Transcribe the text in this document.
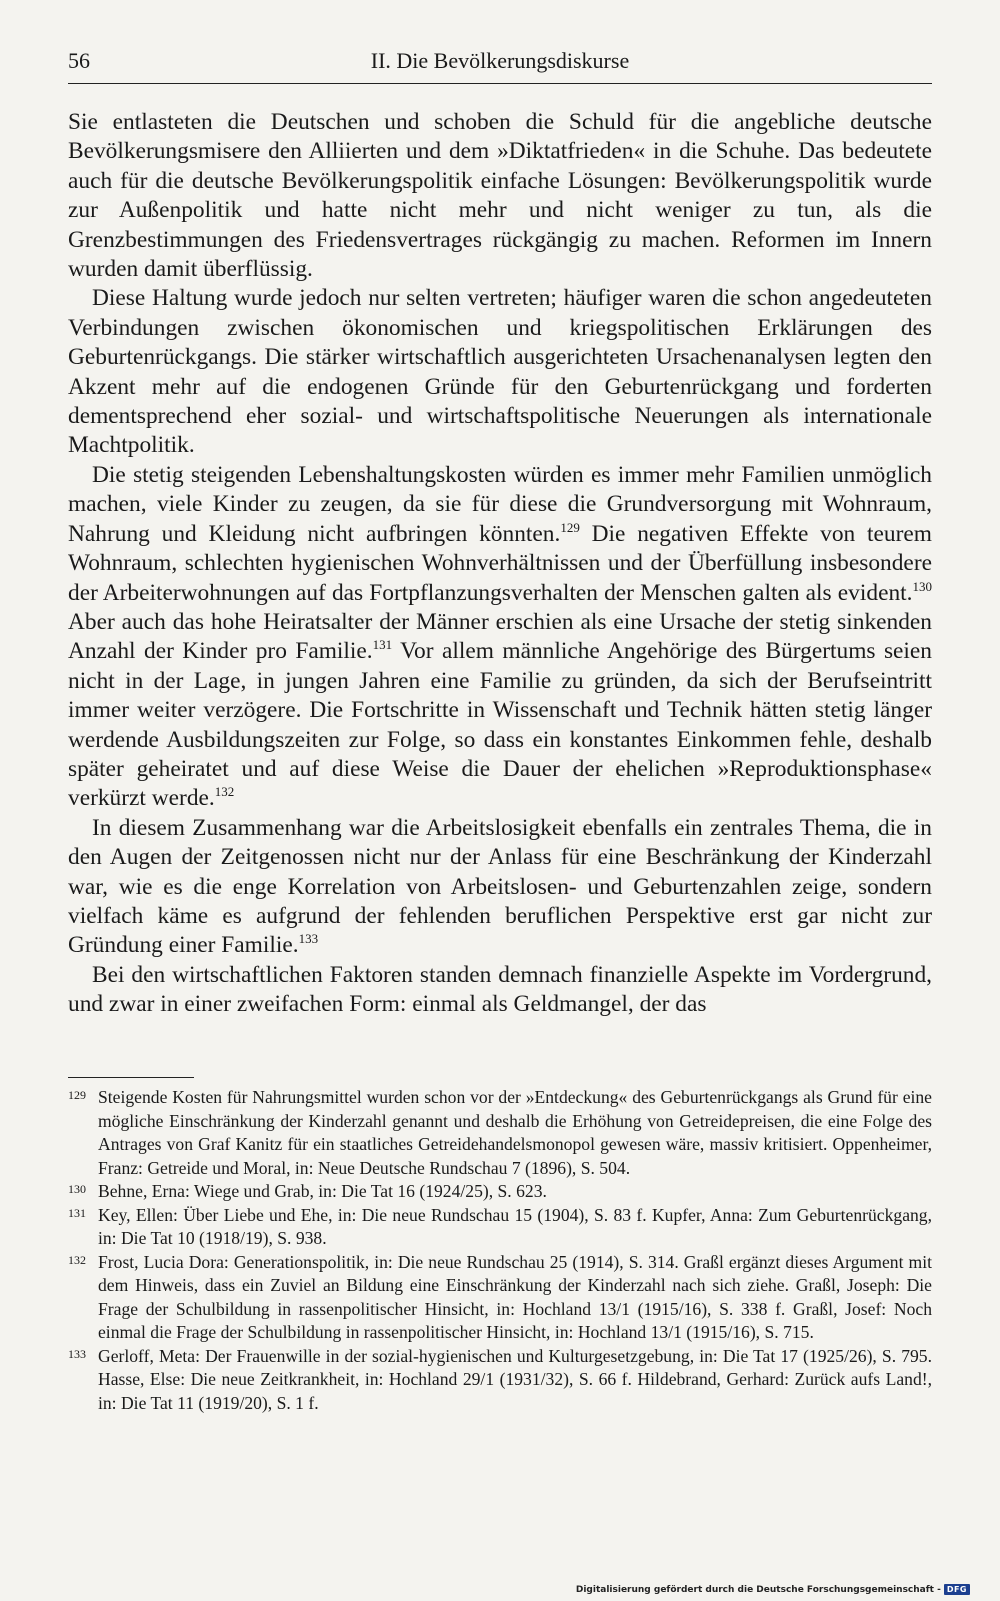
56	II. Die Bevölkerungsdiskurse

Sie entlasteten die Deutschen und schoben die Schuld für die angebliche deutsche Bevölkerungsmisere den Alliierten und dem »Diktatfrieden« in die Schuhe. Das bedeutete auch für die deutsche Bevölkerungspolitik einfache Lösungen: Bevölkerungspolitik wurde zur Außenpolitik und hatte nicht mehr und nicht weniger zu tun, als die Grenzbestimmungen des Friedensvertrages rückgängig zu machen. Reformen im Innern wurden damit überflüssig.

Diese Haltung wurde jedoch nur selten vertreten; häufiger waren die schon angedeuteten Verbindungen zwischen ökonomischen und kriegspolitischen Erklärungen des Geburtenrückgangs. Die stärker wirtschaftlich ausgerichteten Ursachenanalysen legten den Akzent mehr auf die endogenen Gründe für den Geburtenrückgang und forderten dementsprechend eher sozial- und wirtschaftspolitische Neuerungen als internationale Machtpolitik.

Die stetig steigenden Lebenshaltungskosten würden es immer mehr Familien unmöglich machen, viele Kinder zu zeugen, da sie für diese die Grundversorgung mit Wohnraum, Nahrung und Kleidung nicht aufbringen könnten.$^{129}$ Die negativen Effekte von teurem Wohnraum, schlechten hygienischen Wohnverhältnissen und der Überfüllung insbesondere der Arbeiterwohnungen auf das Fortpflanzungsverhalten der Menschen galten als evident.$^{130}$ Aber auch das hohe Heiratsalter der Männer erschien als eine Ursache der stetig sinkenden Anzahl der Kinder pro Familie.$^{131}$ Vor allem männliche Angehörige des Bürgertums seien nicht in der Lage, in jungen Jahren eine Familie zu gründen, da sich der Berufseintritt immer weiter verzögere. Die Fortschritte in Wissenschaft und Technik hätten stetig länger werdende Ausbildungszeiten zur Folge, so dass ein konstantes Einkommen fehle, deshalb später geheiratet und auf diese Weise die Dauer der ehelichen »Reproduktionsphase« verkürzt werde.$^{132}$

In diesem Zusammenhang war die Arbeitslosigkeit ebenfalls ein zentrales Thema, die in den Augen der Zeitgenossen nicht nur der Anlass für eine Beschränkung der Kinderzahl war, wie es die enge Korrelation von Arbeitslosen- und Geburtenzahlen zeige, sondern vielfach käme es aufgrund der fehlenden beruflichen Perspektive erst gar nicht zur Gründung einer Familie.$^{133}$

Bei den wirtschaftlichen Faktoren standen demnach finanzielle Aspekte im Vordergrund, und zwar in einer zweifachen Form: einmal als Geldmangel, der das

129 Steigende Kosten für Nahrungsmittel wurden schon vor der »Entdeckung« des Geburtenrückgangs als Grund für eine mögliche Einschränkung der Kinderzahl genannt und deshalb die Erhöhung von Getreidepreisen, die eine Folge des Antrages von Graf Kanitz für ein staatliches Getreidehandelsmonopol gewesen wäre, massiv kritisiert. Oppenheimer, Franz: Getreide und Moral, in: Neue Deutsche Rundschau 7 (1896), S. 504.
130 Behne, Erna: Wiege und Grab, in: Die Tat 16 (1924/25), S. 623.
131 Key, Ellen: Über Liebe und Ehe, in: Die neue Rundschau 15 (1904), S. 83 f. Kupfer, Anna: Zum Geburtenrückgang, in: Die Tat 10 (1918/19), S. 938.
132 Frost, Lucia Dora: Generationspolitik, in: Die neue Rundschau 25 (1914), S. 314. Graßl ergänzt dieses Argument mit dem Hinweis, dass ein Zuviel an Bildung eine Einschränkung der Kinderzahl nach sich ziehe. Graßl, Joseph: Die Frage der Schulbildung in rassenpolitischer Hinsicht, in: Hochland 13/1 (1915/16), S. 338 f. Graßl, Josef: Noch einmal die Frage der Schulbildung in rassenpolitischer Hinsicht, in: Hochland 13/1 (1915/16), S. 715.
133 Gerloff, Meta: Der Frauenwille in der sozial-hygienischen und Kulturgesetzgebung, in: Die Tat 17 (1925/26), S. 795. Hasse, Else: Die neue Zeitkrankheit, in: Hochland 29/1 (1931/32), S. 66 f. Hildebrand, Gerhard: Zurück aufs Land!, in: Die Tat 11 (1919/20), S. 1 f.
Digitalisierung gefördert durch die Deutsche Forschungsgemeinschaft - DFG
